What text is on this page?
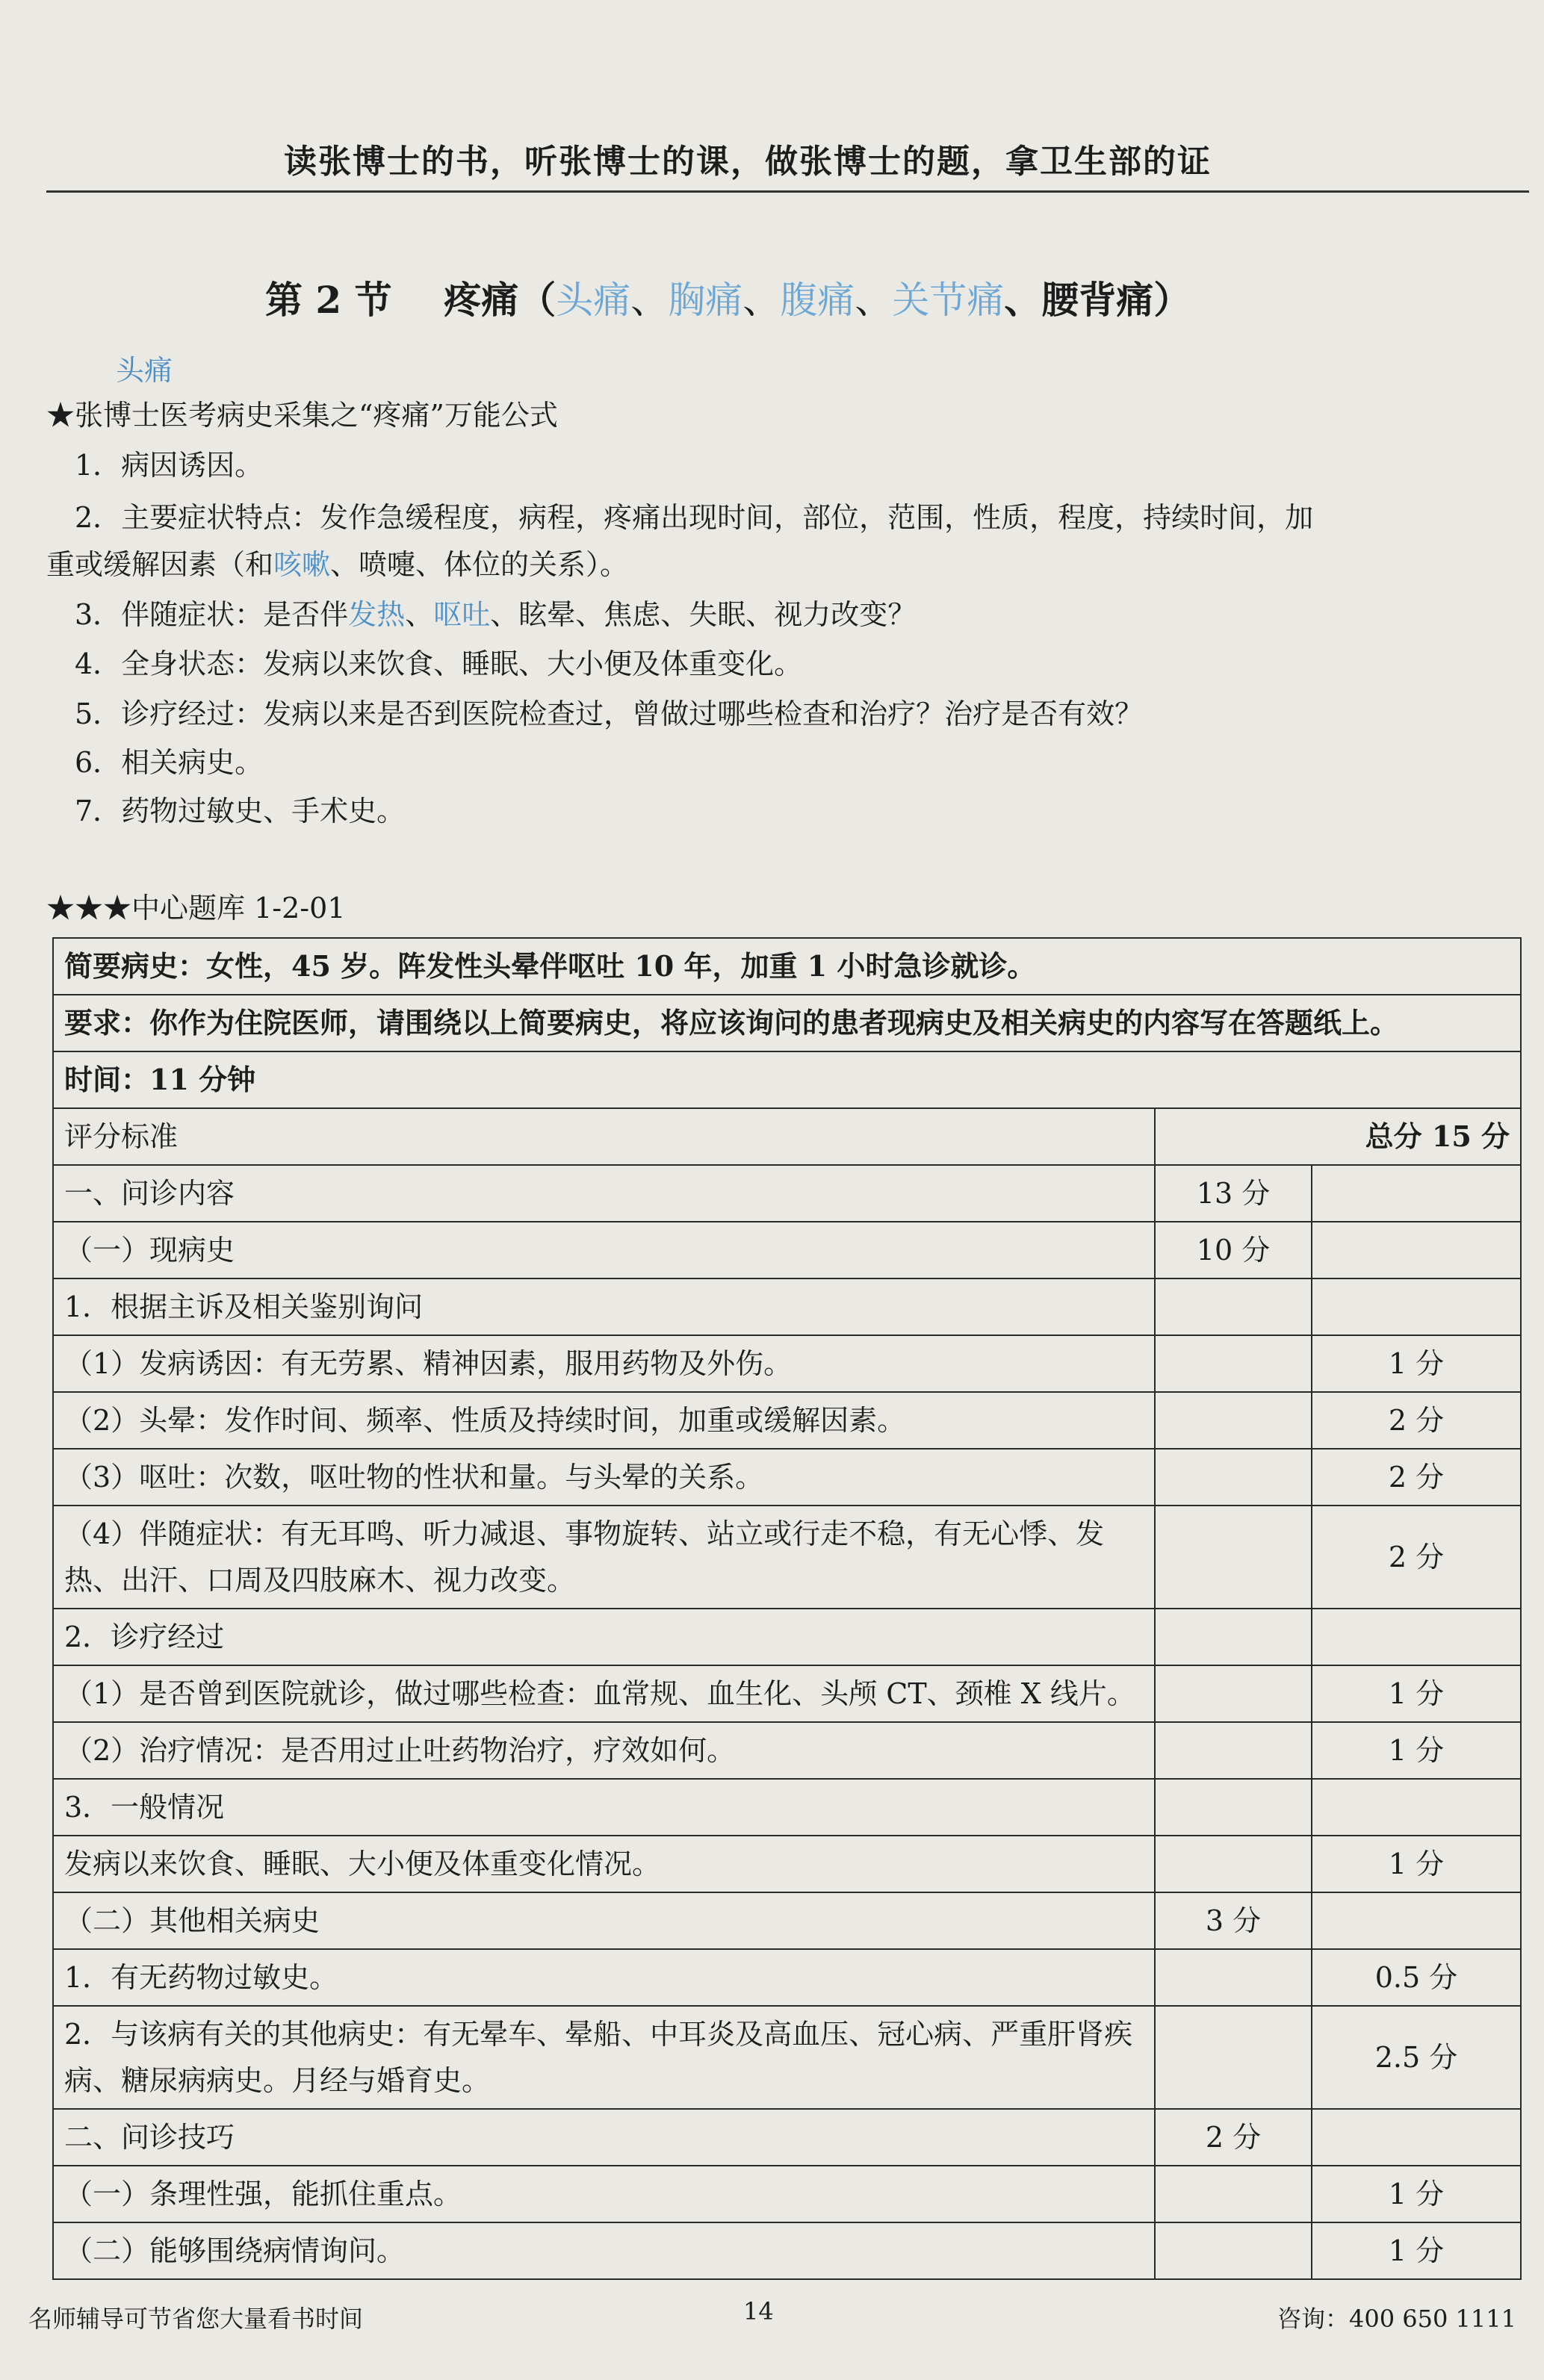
读张博士的书，听张博士的课，做张博士的题，拿卫生部的证
第 2 节 疼痛（头痛、胸痛、腹痛、关节痛、腰背痛）
头痛
★张博士医考病史采集之“疼痛”万能公式
1．病因诱因。
2．主要症状特点：发作急缓程度，病程，疼痛出现时间，部位，范围，性质，程度，持续时间，加
重或缓解因素（和咳嗽、喷嚏、体位的关系）。
3．伴随症状：是否伴发热、呕吐、眩晕、焦虑、失眠、视力改变？
4．全身状态：发病以来饮食、睡眠、大小便及体重变化。
5．诊疗经过：发病以来是否到医院检查过，曾做过哪些检查和治疗？治疗是否有效？
6．相关病史。
7．药物过敏史、手术史。
★★★中心题库 1-2-01
简要病史：女性，45 岁。阵发性头晕伴呕吐 10 年，加重 1 小时急诊就诊。		
要求：你作为住院医师，请围绕以上简要病史，将应该询问的患者现病史及相关病史的内容写在答题纸上。		
时间：11 分钟		
评分标准	总分 15 分	
一、问诊内容	13 分	
（一）现病史	10 分	
1．根据主诉及相关鉴别询问		
（1）发病诱因：有无劳累、精神因素，服用药物及外伤。		1 分
（2）头晕：发作时间、频率、性质及持续时间，加重或缓解因素。		2 分
（3）呕吐：次数，呕吐物的性状和量。与头晕的关系。		2 分
（4）伴随症状：有无耳鸣、听力减退、事物旋转、站立或行走不稳，有无心悸、发热、出汗、口周及四肢麻木、视力改变。		2 分
2．诊疗经过		
（1）是否曾到医院就诊，做过哪些检查：血常规、血生化、头颅 CT、颈椎 X 线片。		1 分
（2）治疗情况：是否用过止吐药物治疗，疗效如何。		1 分
3．一般情况		
发病以来饮食、睡眠、大小便及体重变化情况。		1 分
（二）其他相关病史	3 分	
1．有无药物过敏史。		0.5 分
2．与该病有关的其他病史：有无晕车、晕船、中耳炎及高血压、冠心病、严重肝肾疾病、糖尿病病史。月经与婚育史。		2.5 分
二、问诊技巧	2 分	
（一）条理性强，能抓住重点。		1 分
（二）能够围绕病情询问。		1 分
名师辅导可节省您大量看书时间	14	咨询：400 650 1111
